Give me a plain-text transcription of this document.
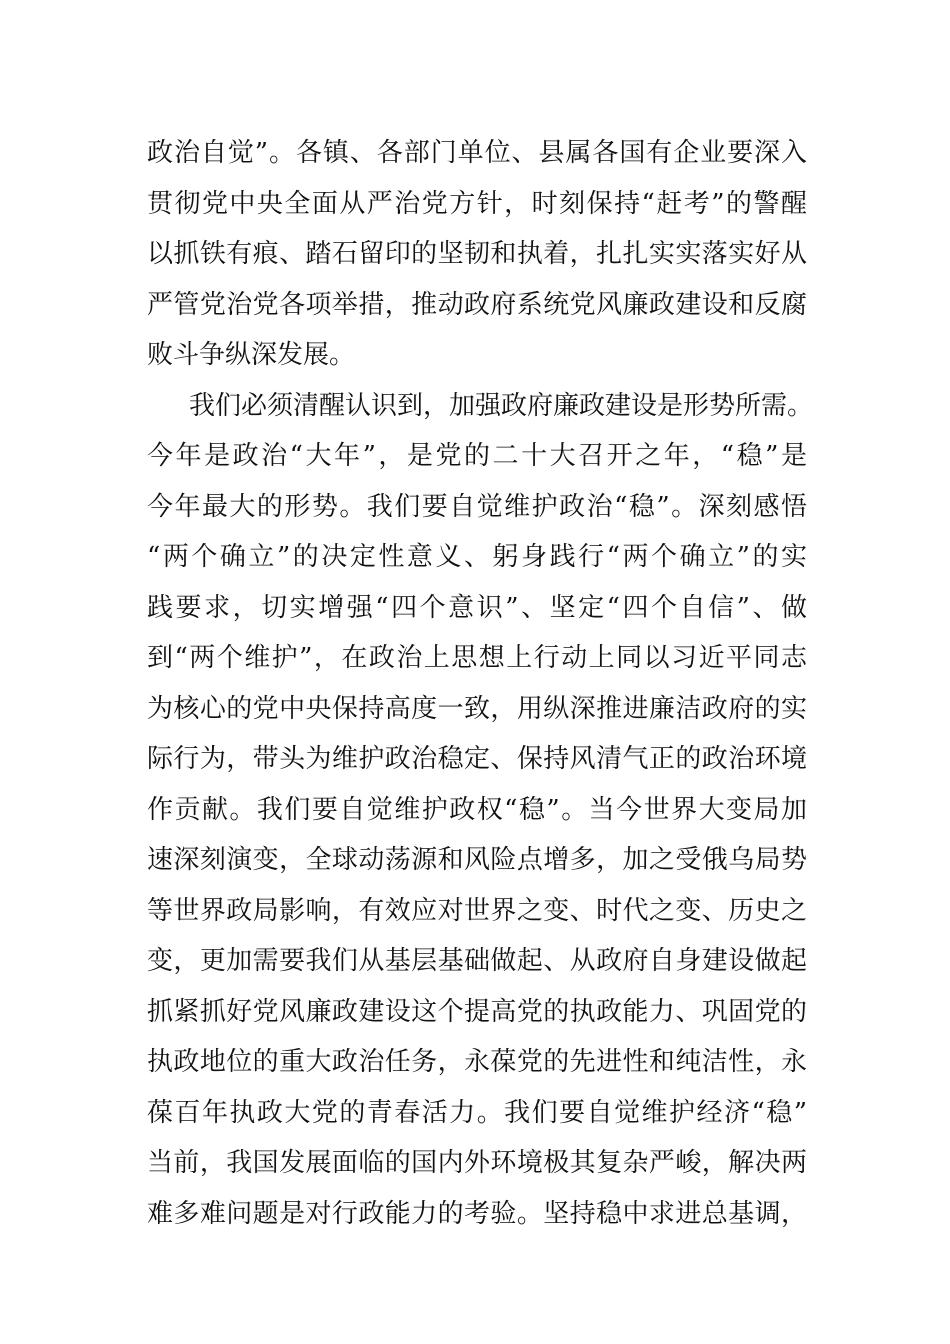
政治自觉”。各镇、各部门单位、县属各国有企业要深入
贯彻党中央全面从严治党方针，时刻保持“赶考”的警醒
以抓铁有痕、踏石留印的坚韧和执着，扎扎实实落实好从
严管党治党各项举措，推动政府系统党风廉政建设和反腐
败斗争纵深发展。
我们必须清醒认识到，加强政府廉政建设是形势所需。
今年是政治“大年”，是党的二十大召开之年，“稳”是
今年最大的形势。我们要自觉维护政治“稳”。深刻感悟
“两个确立”的决定性意义、躬身践行“两个确立”的实
践要求，切实增强“四个意识”、坚定“四个自信”、做
到“两个维护”，在政治上思想上行动上同以习近平同志
为核心的党中央保持高度一致，用纵深推进廉洁政府的实
际行为，带头为维护政治稳定、保持风清气正的政治环境
作贡献。我们要自觉维护政权“稳”。当今世界大变局加
速深刻演变，全球动荡源和风险点增多，加之受俄乌局势
等世界政局影响，有效应对世界之变、时代之变、历史之
变，更加需要我们从基层基础做起、从政府自身建设做起
抓紧抓好党风廉政建设这个提高党的执政能力、巩固党的
执政地位的重大政治任务，永葆党的先进性和纯洁性，永
葆百年执政大党的青春活力。我们要自觉维护经济“稳”
当前，我国发展面临的国内外环境极其复杂严峻，解决两
难多难问题是对行政能力的考验。坚持稳中求进总基调，
